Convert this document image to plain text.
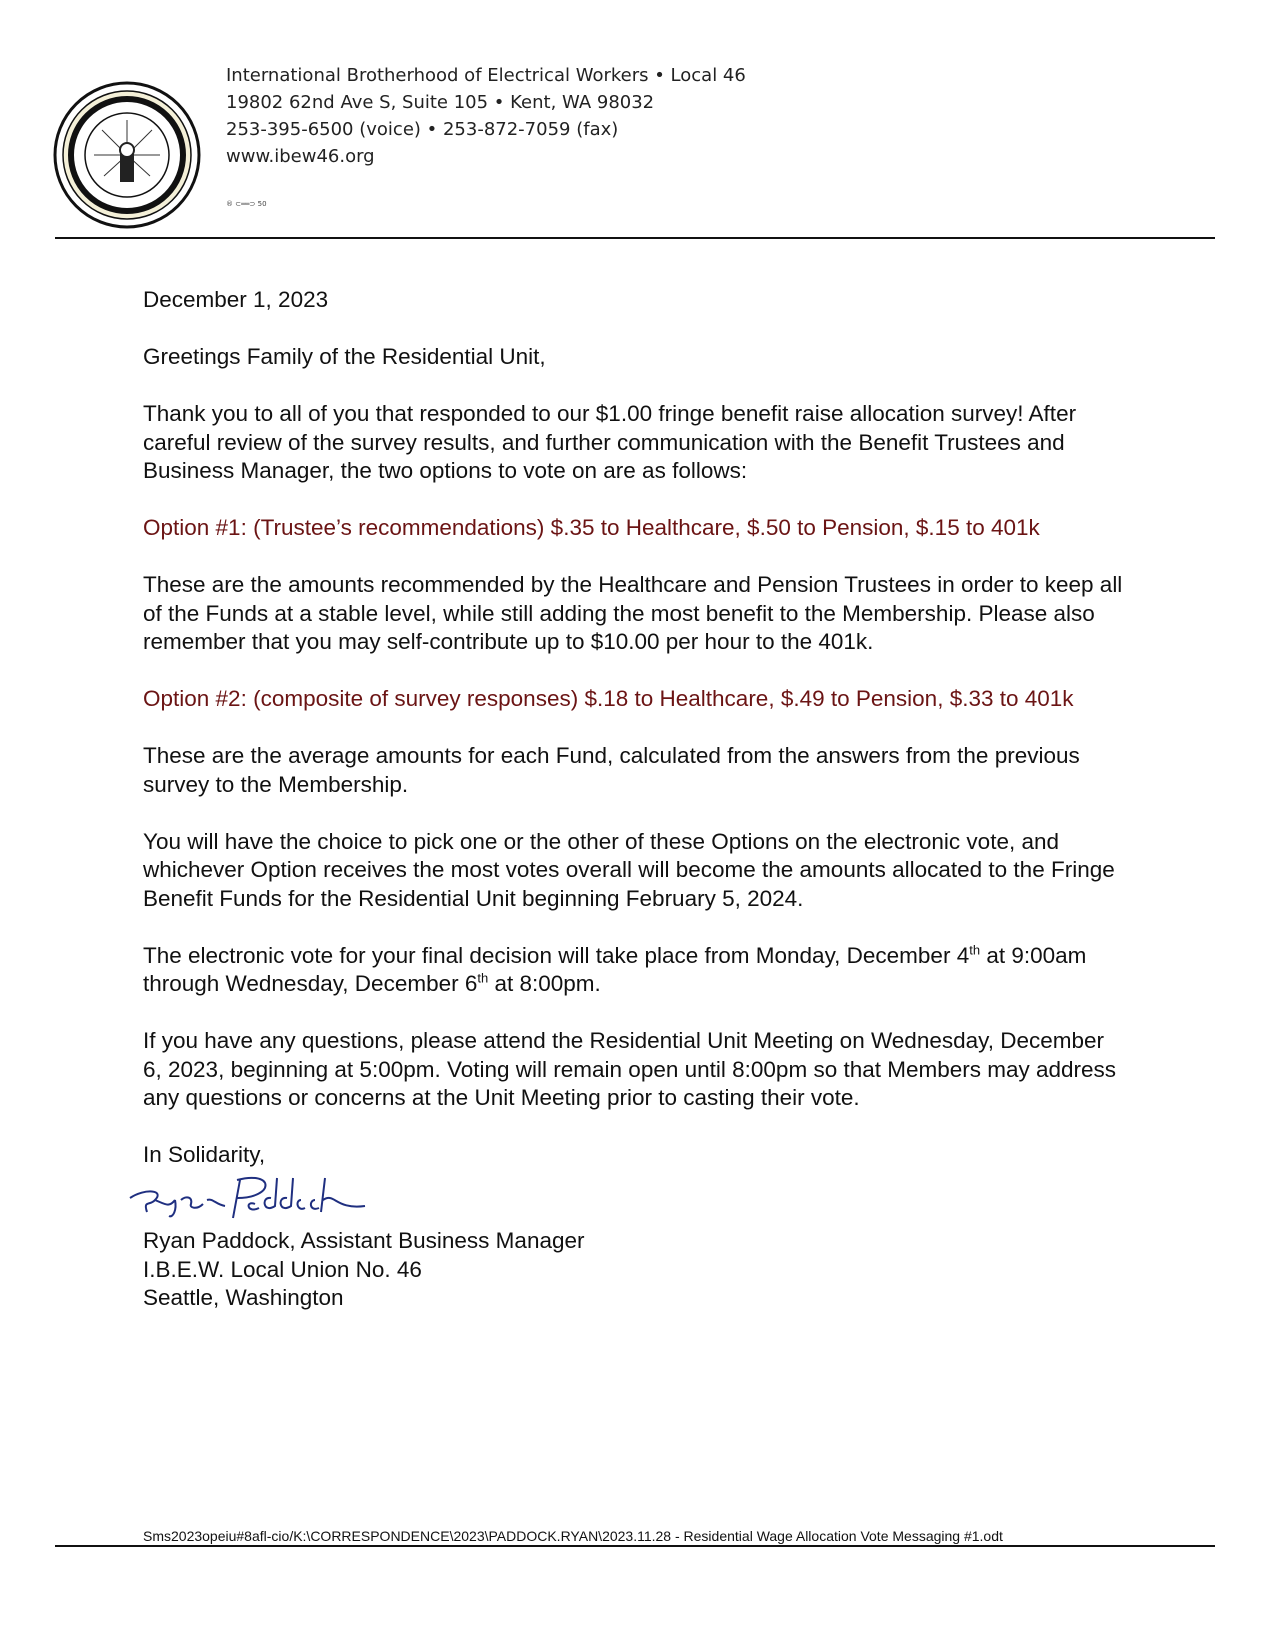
International Brotherhood of Electrical Workers • Local 46
19802 62nd Ave S, Suite 105 • Kent, WA 98032
253-395-6500 (voice) • 253-872-7059 (fax)
www.ibew46.org
® ⊂══⊃ 50

December 1, 2023

Greetings Family of the Residential Unit,

Thank you to all of you that responded to our $1.00 fringe benefit raise allocation survey! After careful review of the survey results, and further communication with the Benefit Trustees and Business Manager, the two options to vote on are as follows:

Option #1: (Trustee’s recommendations) $.35 to Healthcare, $.50 to Pension, $.15 to 401k

These are the amounts recommended by the Healthcare and Pension Trustees in order to keep all of the Funds at a stable level, while still adding the most benefit to the Membership. Please also remember that you may self-contribute up to $10.00 per hour to the 401k.

Option #2: (composite of survey responses) $.18 to Healthcare, $.49 to Pension, $.33 to 401k

These are the average amounts for each Fund, calculated from the answers from the previous survey to the Membership.

You will have the choice to pick one or the other of these Options on the electronic vote, and whichever Option receives the most votes overall will become the amounts allocated to the Fringe Benefit Funds for the Residential Unit beginning February 5, 2024.

The electronic vote for your final decision will take place from Monday, December 4th at 9:00am through Wednesday, December 6th at 8:00pm.

If you have any questions, please attend the Residential Unit Meeting on Wednesday, December 6, 2023, beginning at 5:00pm. Voting will remain open until 8:00pm so that Members may address any questions or concerns at the Unit Meeting prior to casting their vote.

In Solidarity,

Ryan Paddock, Assistant Business Manager

I.B.E.W. Local Union No. 46

Seattle, Washington

Sms2023opeiu#8afl-cio/K:\CORRESPONDENCE\2023\PADDOCK.RYAN\2023.11.28 - Residential Wage Allocation Vote Messaging #1.odt
